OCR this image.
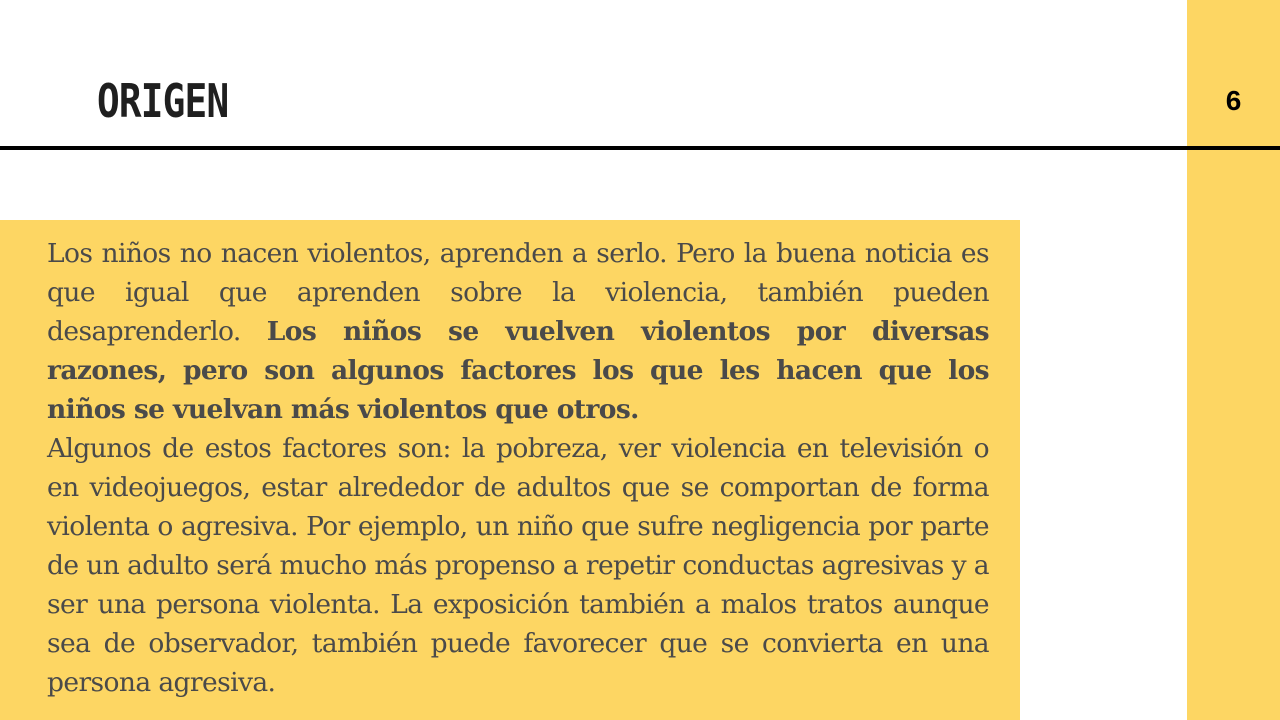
6
ORIGEN

Los niños no nacen violentos, aprenden a serlo. Pero la buena noticia es que igual que aprenden sobre la violencia, también pueden desaprenderlo. Los niños se vuelven violentos por diversas razones, pero son algunos factores los que les hacen que los niños se vuelvan más violentos que otros.
Algunos de estos factores son: la pobreza, ver violencia en televisión o en videojuegos, estar alrededor de adultos que se comportan de forma violenta o agresiva. Por ejemplo, un niño que sufre negligencia por parte de un adulto será mucho más propenso a repetir conductas agresivas y a ser una persona violenta. La exposición también a malos tratos aunque sea de observador, también puede favorecer que se convierta en una persona agresiva.
